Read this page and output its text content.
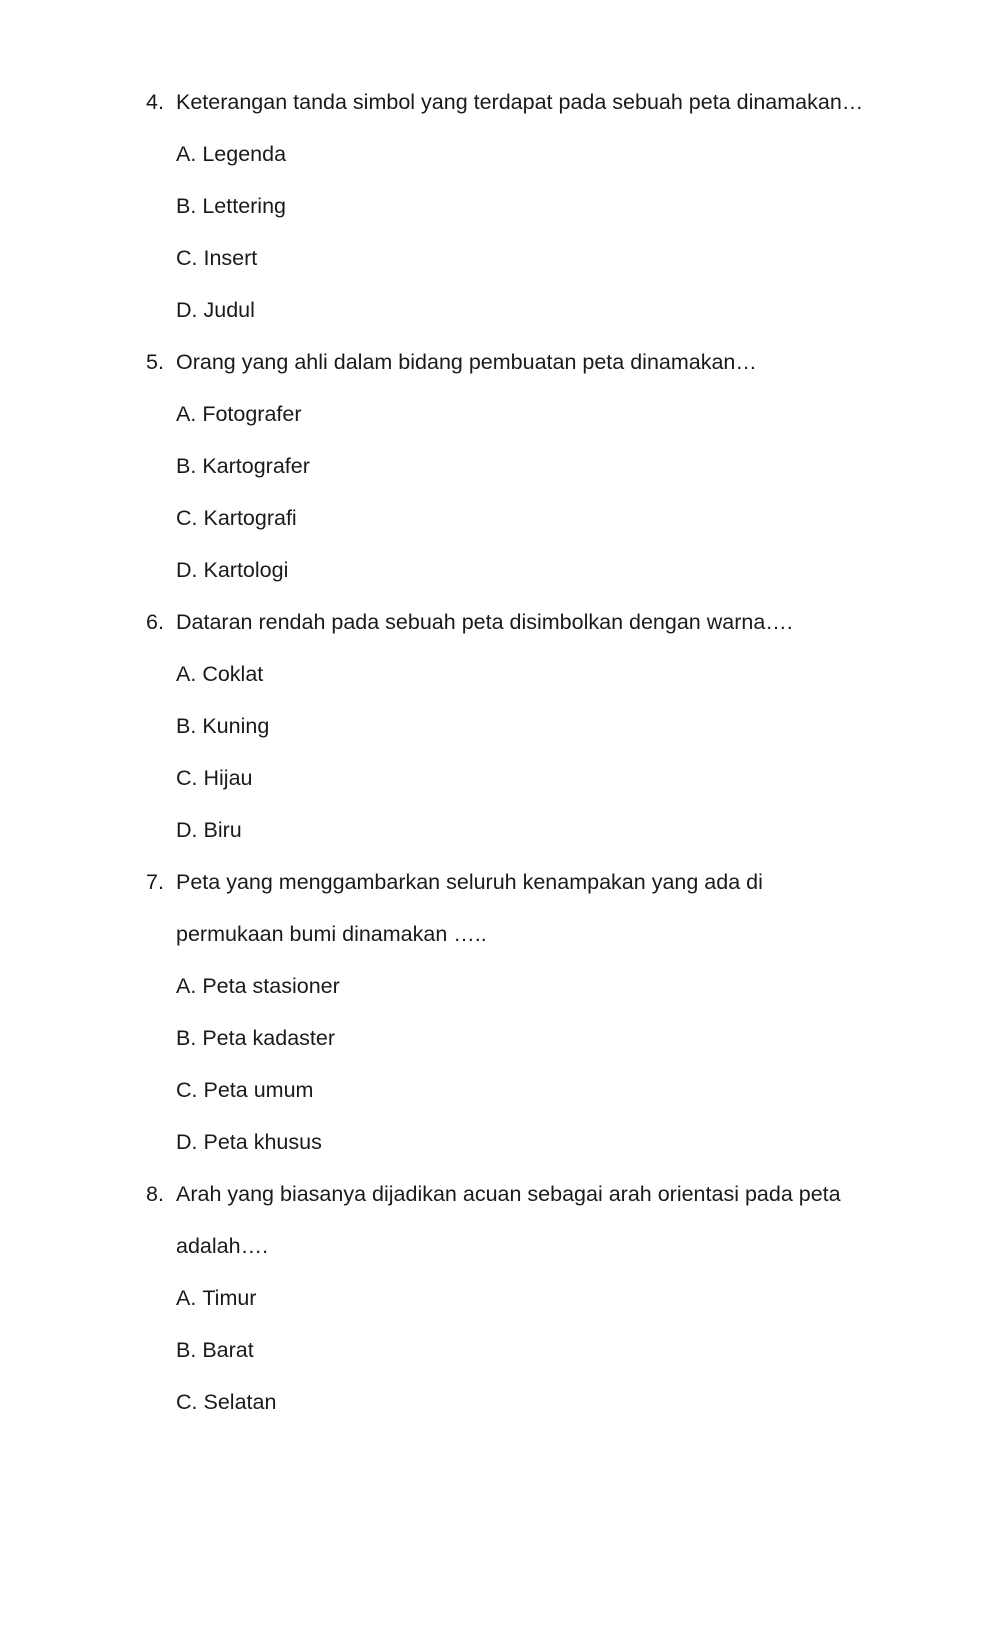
4. Keterangan tanda simbol yang terdapat pada sebuah peta dinamakan…
A. Legenda
B. Lettering
C. Insert
D. Judul
5. Orang yang ahli dalam bidang pembuatan peta dinamakan…
A. Fotografer
B. Kartografer
C. Kartografi
D. Kartologi
6. Dataran rendah pada sebuah peta disimbolkan dengan warna….
A. Coklat
B. Kuning
C. Hijau
D. Biru
7. Peta yang menggambarkan seluruh kenampakan yang ada di permukaan bumi dinamakan …..
A. Peta stasioner
B. Peta kadaster
C. Peta umum
D. Peta khusus
8. Arah yang biasanya dijadikan acuan sebagai arah orientasi pada peta adalah….
A. Timur
B. Barat
C. Selatan
